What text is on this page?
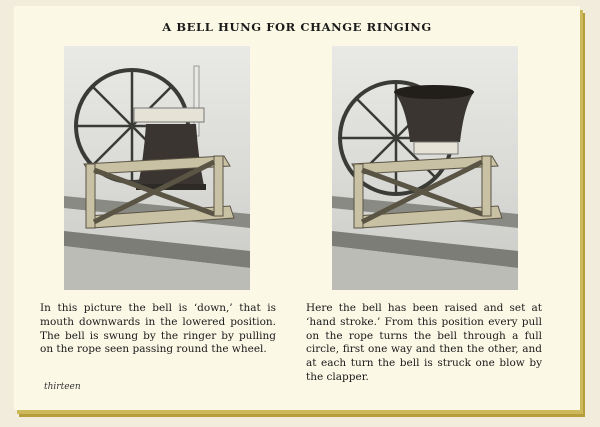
A BELL HUNG FOR CHANGE RINGING
In this picture the bell is ‘down,’ that is mouth downwards in the lowered position. The bell is swung by the ringer by pulling on the rope seen passing round the wheel.
Here the bell has been raised and set at ‘hand stroke.’ From this position every pull on the rope turns the bell through a full circle, first one way and then the other, and at each turn the bell is struck one blow by the clapper.
thirteen
